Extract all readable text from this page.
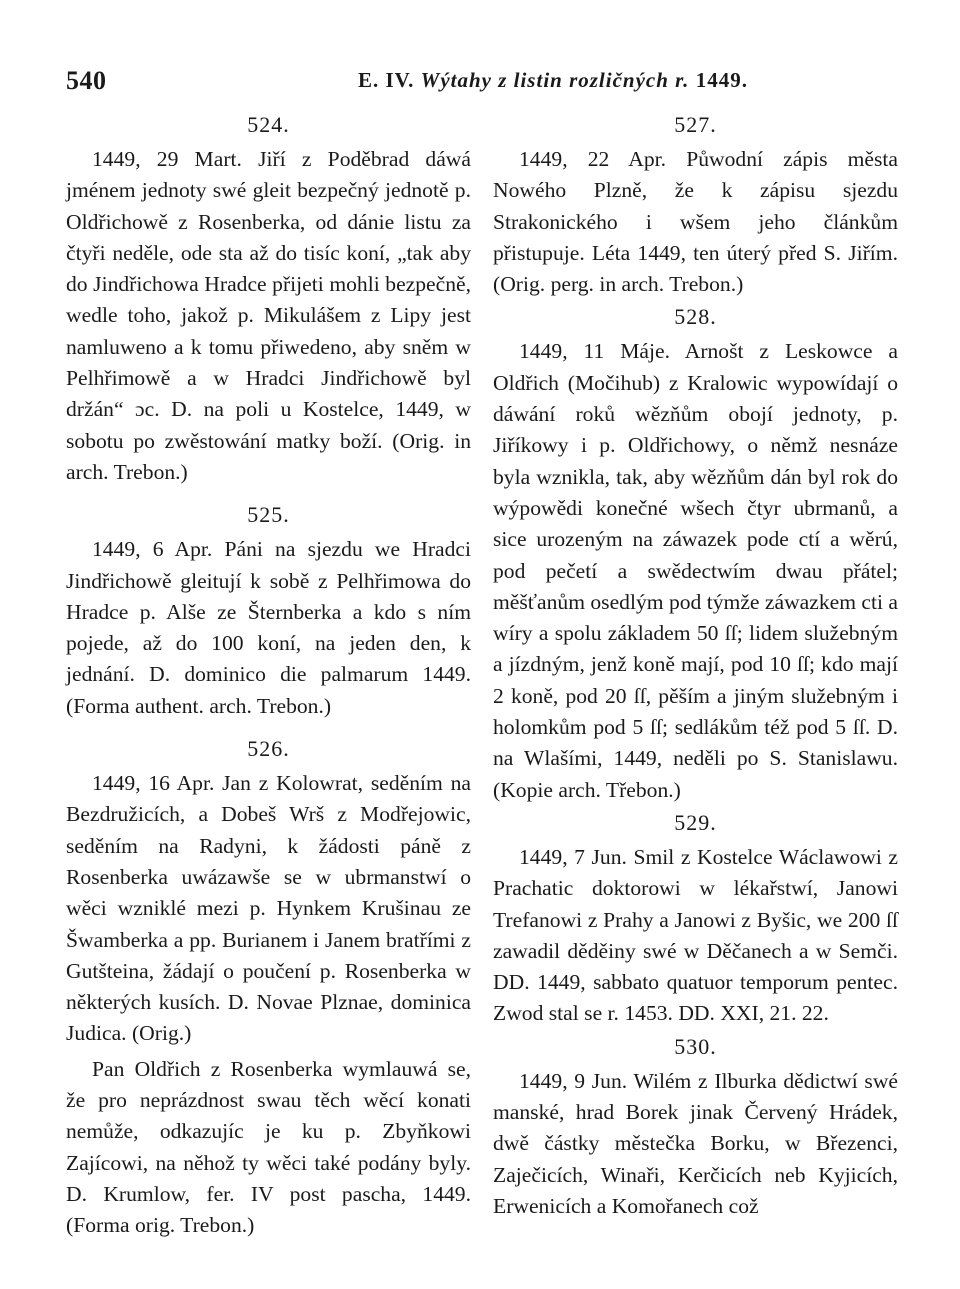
540	E. IV. Wýtahy z listin rozličných r. 1449.
524.

1449, 29 Mart. Jiří z Poděbrad dáwá jménem jednoty swé gleit bezpečný jednotě p. Oldřichowě z Rosenberka, od dánie listu za čtyři neděle, ode sta až do tisíc koní, „tak aby do Jindřichowa Hradce přijeti mohli bezpečně, wedle toho, jakož p. Mikulášem z Lipy jest namluweno a k tomu přiwedeno, aby sněm w Pelhřimowě a w Hradci Jindřichowě byl držán“ ɔc. D. na poli u Kostelce, 1449, w sobotu po zwěstowání matky boží. (Orig. in arch. Trebon.)

525.

1449, 6 Apr. Páni na sjezdu we Hradci Jindřichowě gleitují k sobě z Pelhřimowa do Hradce p. Alše ze Šternberka a kdo s ním pojede, až do 100 koní, na jeden den, k jednání. D. dominico die palmarum 1449. (Forma authent. arch. Trebon.)

526.

1449, 16 Apr. Jan z Kolowrat, seděním na Bezdružicích, a Dobeš Wrš z Modřejowic, seděním na Radyni, k žádosti páně z Rosenberka uwázawše se w ubrmanstwí o wěci wzniklé mezi p. Hynkem Krušinau ze Šwamberka a pp. Burianem i Janem bratřími z Gutšteina, žádají o poučení p. Rosenberka w některých kusích. D. Novae Plznae, dominica Judica. (Orig.)

Pan Oldřich z Rosenberka wymlauwá se, že pro neprázdnost swau těch wěcí konati nemůže, odkazujíc je ku p. Zbyňkowi Zajícowi, na něhož ty wěci také podány byly. D. Krumlow, fer. IV post pascha, 1449. (Forma orig. Trebon.)

527.

1449, 22 Apr. Půwodní zápis města Nowého Plzně, že k zápisu sjezdu Strakonického i wšem jeho článkům přistupuje. Léta 1449, ten úterý před S. Jiřím. (Orig. perg. in arch. Trebon.)

528.

1449, 11 Máje. Arnošt z Leskowce a Oldřich (Močihub) z Kralowic wypowídají o dáwání roků wězňům obojí jednoty, p. Jiříkowy i p. Oldřichowy, o němž nesnáze byla wznikla, tak, aby wězňům dán byl rok do wýpowědi konečné wšech čtyr ubrmanů, a sice urozeným na záwazek pode ctí a wěrú, pod pečetí a swědectwím dwau přátel; měšťanům osedlým pod týmže záwazkem cti a wíry a spolu základem 50 ſſ; lidem služebným a jízdným, jenž koně mají, pod 10 ſſ; kdo mají 2 koně, pod 20 ſſ, pěším a jiným služebným i holomkům pod 5 ſſ; sedlákům též pod 5 ſſ. D. na Wlašími, 1449, neděli po S. Stanislawu. (Kopie arch. Třebon.)

529.

1449, 7 Jun. Smil z Kostelce Wáclawowi z Prachatic doktorowi w lékařstwí, Janowi Trefanowi z Prahy a Janowi z Byšic, we 200 ſſ zawadil děděiny swé w Děčanech a w Semči. DD. 1449, sabbato quatuor temporum pentec. Zwod stal se r. 1453. DD. XXI, 21. 22.

530.

1449, 9 Jun. Wilém z Ilburka dědictwí swé manské, hrad Borek jinak Červený Hrádek, dwě částky městečka Borku, w Březenci, Zaječicích, Winaři, Kerčicích neb Kyjicích, Erwenicích a Komořanech což
